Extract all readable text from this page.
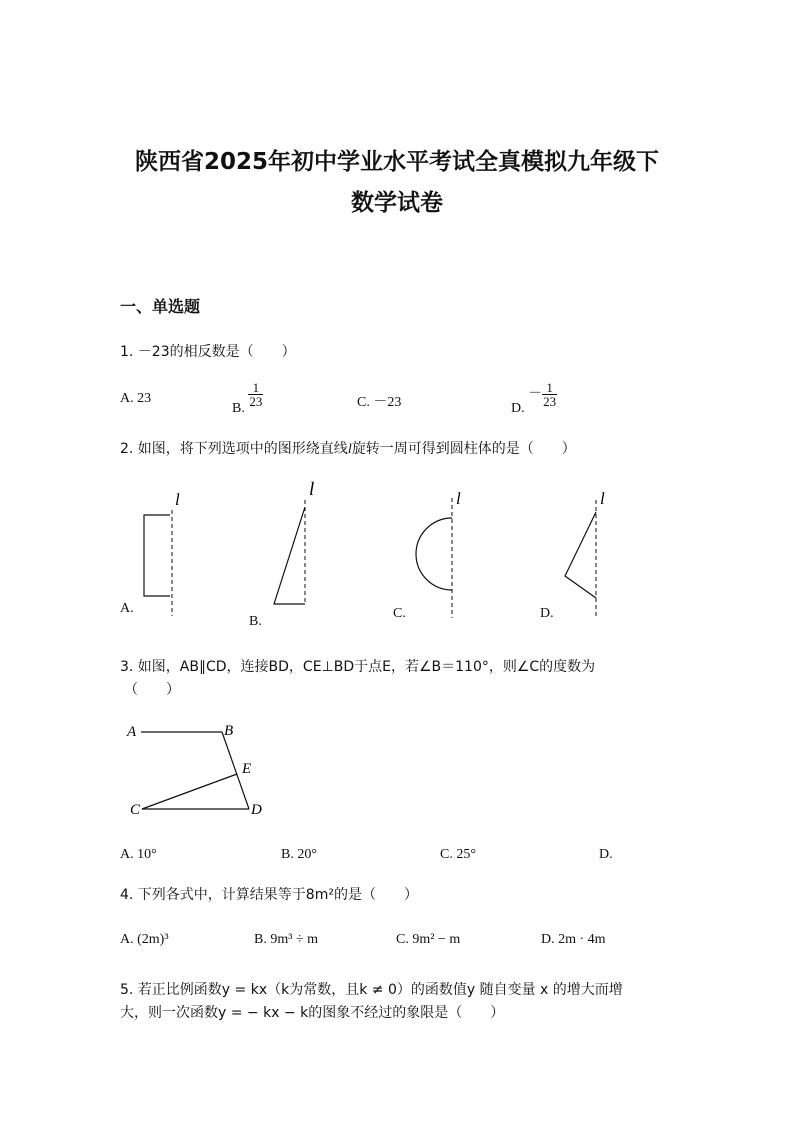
陕西省2025年初中学业水平考试全真模拟九年级下
数学试卷
一、单选题
1. －23的相反数是（　　）
A. 23
B.
$\frac{1}{23}$	C. －23	D. － $\frac{1}{23}$
2. 如图，将下列选项中的图形绕直线l旋转一周可得到圆柱体的是（　　）
l	l	l	l
A.
B.
C.	D.
3. 如图，AB∥CD，连接BD，CE⊥BD于点E，若∠B＝110°，则∠C的度数为
（　　）
A	B
E
C	D
A. 10°	B. 20°	C. 25°	D.
4. 下列各式中，计算结果等于8m²的是（　　）
A. (2m)³	B. 9m³ ÷ m	C. 9m² − m	D. 2m · 4m
5. 若正比例函数y = kx（k为常数，且k ≠ 0）的函数值y 随自变量 x 的增大而增
大，则一次函数y = − kx − k的图象不经过的象限是（　　）
